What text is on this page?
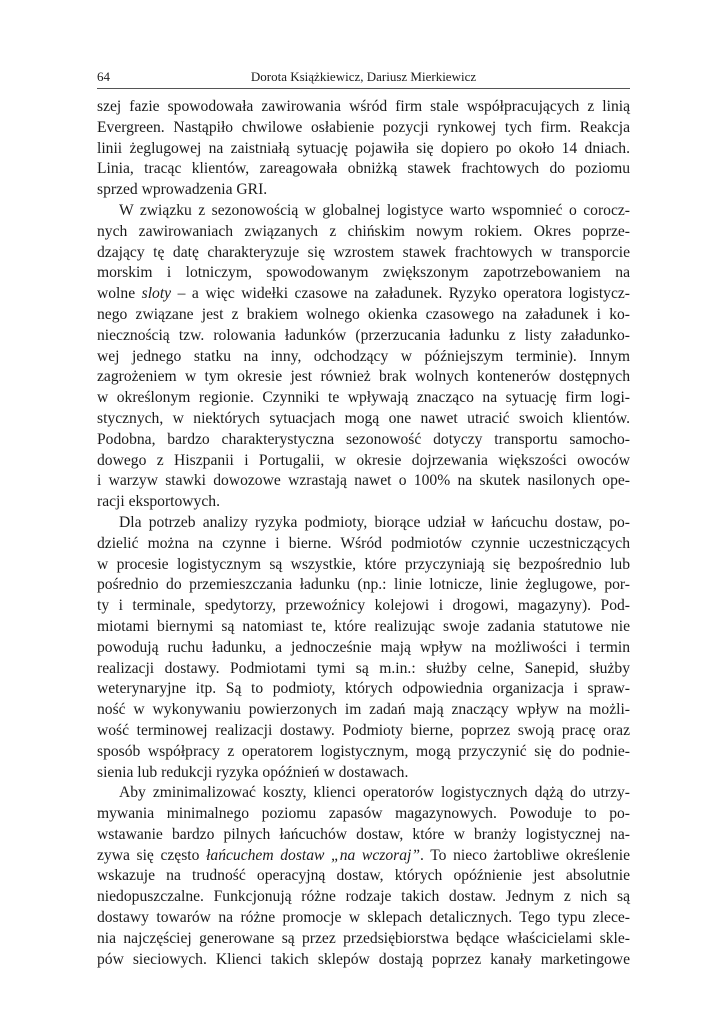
64	Dorota Książkiewicz, Dariusz Mierkiewicz

szej fazie spowodowała zawirowania wśród firm stale współpracujących z linią
Evergreen. Nastąpiło chwilowe osłabienie pozycji rynkowej tych firm. Reakcja
linii żeglugowej na zaistniałą sytuację pojawiła się dopiero po około 14 dniach.
Linia, tracąc klientów, zareagowała obniżką stawek frachtowych do poziomu
sprzed wprowadzenia GRI.

W związku z sezonowością w globalnej logistyce warto wspomnieć o corocz-
nych zawirowaniach związanych z chińskim nowym rokiem. Okres poprze-
dzający tę datę charakteryzuje się wzrostem stawek frachtowych w transporcie
morskim i lotniczym, spowodowanym zwiększonym zapotrzebowaniem na
wolne sloty – a więc widełki czasowe na załadunek. Ryzyko operatora logistycz-
nego związane jest z brakiem wolnego okienka czasowego na załadunek i ko-
niecznością tzw. rolowania ładunków (przerzucania ładunku z listy załadunko-
wej jednego statku na inny, odchodzący w późniejszym terminie). Innym
zagrożeniem w tym okresie jest również brak wolnych kontenerów dostępnych
w określonym regionie. Czynniki te wpływają znacząco na sytuację firm logi-
stycznych, w niektórych sytuacjach mogą one nawet utracić swoich klientów.
Podobna, bardzo charakterystyczna sezonowość dotyczy transportu samocho-
dowego z Hiszpanii i Portugalii, w okresie dojrzewania większości owoców
i warzyw stawki dowozowe wzrastają nawet o 100% na skutek nasilonych ope-
racji eksportowych.

Dla potrzeb analizy ryzyka podmioty, biorące udział w łańcuchu dostaw, po-
dzielić można na czynne i bierne. Wśród podmiotów czynnie uczestniczących
w procesie logistycznym są wszystkie, które przyczyniają się bezpośrednio lub
pośrednio do przemieszczania ładunku (np.: linie lotnicze, linie żeglugowe, por-
ty i terminale, spedytorzy, przewoźnicy kolejowi i drogowi, magazyny). Pod-
miotami biernymi są natomiast te, które realizując swoje zadania statutowe nie
powodują ruchu ładunku, a jednocześnie mają wpływ na możliwości i termin
realizacji dostawy. Podmiotami tymi są m.in.: służby celne, Sanepid, służby
weterynaryjne itp. Są to podmioty, których odpowiednia organizacja i spraw-
ność w wykonywaniu powierzonych im zadań mają znaczący wpływ na możli-
wość terminowej realizacji dostawy. Podmioty bierne, poprzez swoją pracę oraz
sposób współpracy z operatorem logistycznym, mogą przyczynić się do podnie-
sienia lub redukcji ryzyka opóźnień w dostawach.

Aby zminimalizować koszty, klienci operatorów logistycznych dążą do utrzy-
mywania minimalnego poziomu zapasów magazynowych. Powoduje to po-
wstawanie bardzo pilnych łańcuchów dostaw, które w branży logistycznej na-
zywa się często łańcuchem dostaw „na wczoraj”. To nieco żartobliwe określenie
wskazuje na trudność operacyjną dostaw, których opóźnienie jest absolutnie
niedopuszczalne. Funkcjonują różne rodzaje takich dostaw. Jednym z nich są
dostawy towarów na różne promocje w sklepach detalicznych. Tego typu zlece-
nia najczęściej generowane są przez przedsiębiorstwa będące właścicielami skle-
pów sieciowych. Klienci takich sklepów dostają poprzez kanały marketingowe
